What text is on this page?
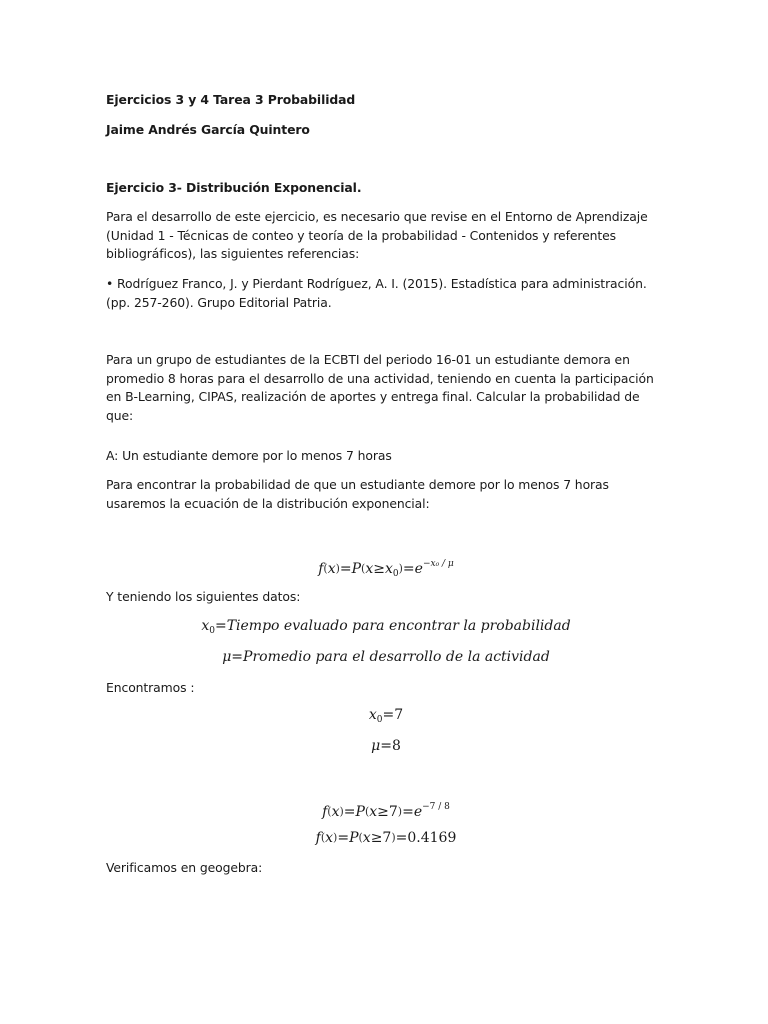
Ejercicios 3 y 4 Tarea 3 Probabilidad

Jaime Andrés García Quintero

Ejercicio 3- Distribución Exponencial.

Para el desarrollo de este ejercicio, es necesario que revise en el Entorno de Aprendizaje (Unidad 1 - Técnicas de conteo y teoría de la probabilidad - Contenidos y referentes bibliográficos), las siguientes referencias:

• Rodríguez Franco, J. y Pierdant Rodríguez, A. I. (2015). Estadística para administración. (pp. 257-260). Grupo Editorial Patria.

Para un grupo de estudiantes de la ECBTI del periodo 16-01 un estudiante demora en promedio 8 horas para el desarrollo de una actividad, teniendo en cuenta la participación en B-Learning, CIPAS, realización de aportes y entrega final. Calcular la probabilidad de que:

A: Un estudiante demore por lo menos 7 horas

Para encontrar la probabilidad de que un estudiante demore por lo menos 7 horas usaremos la ecuación de la distribución exponencial:

$f(x)=P(x\ge x_0)=e^{-x_0 / \mu}$

Y teniendo los siguientes datos:

$x_0=Tiempo$ evaluado para encontrar la probabilidad
μ=Promedio para el desarrollo de la actividad

Encontramos :

$x_0=7$
μ=8
$f(x)=P(x\ge 7)=e^{-7 / 8}$
f(x)=P(x≥7)=0.4169

Verificamos en geogebra:
